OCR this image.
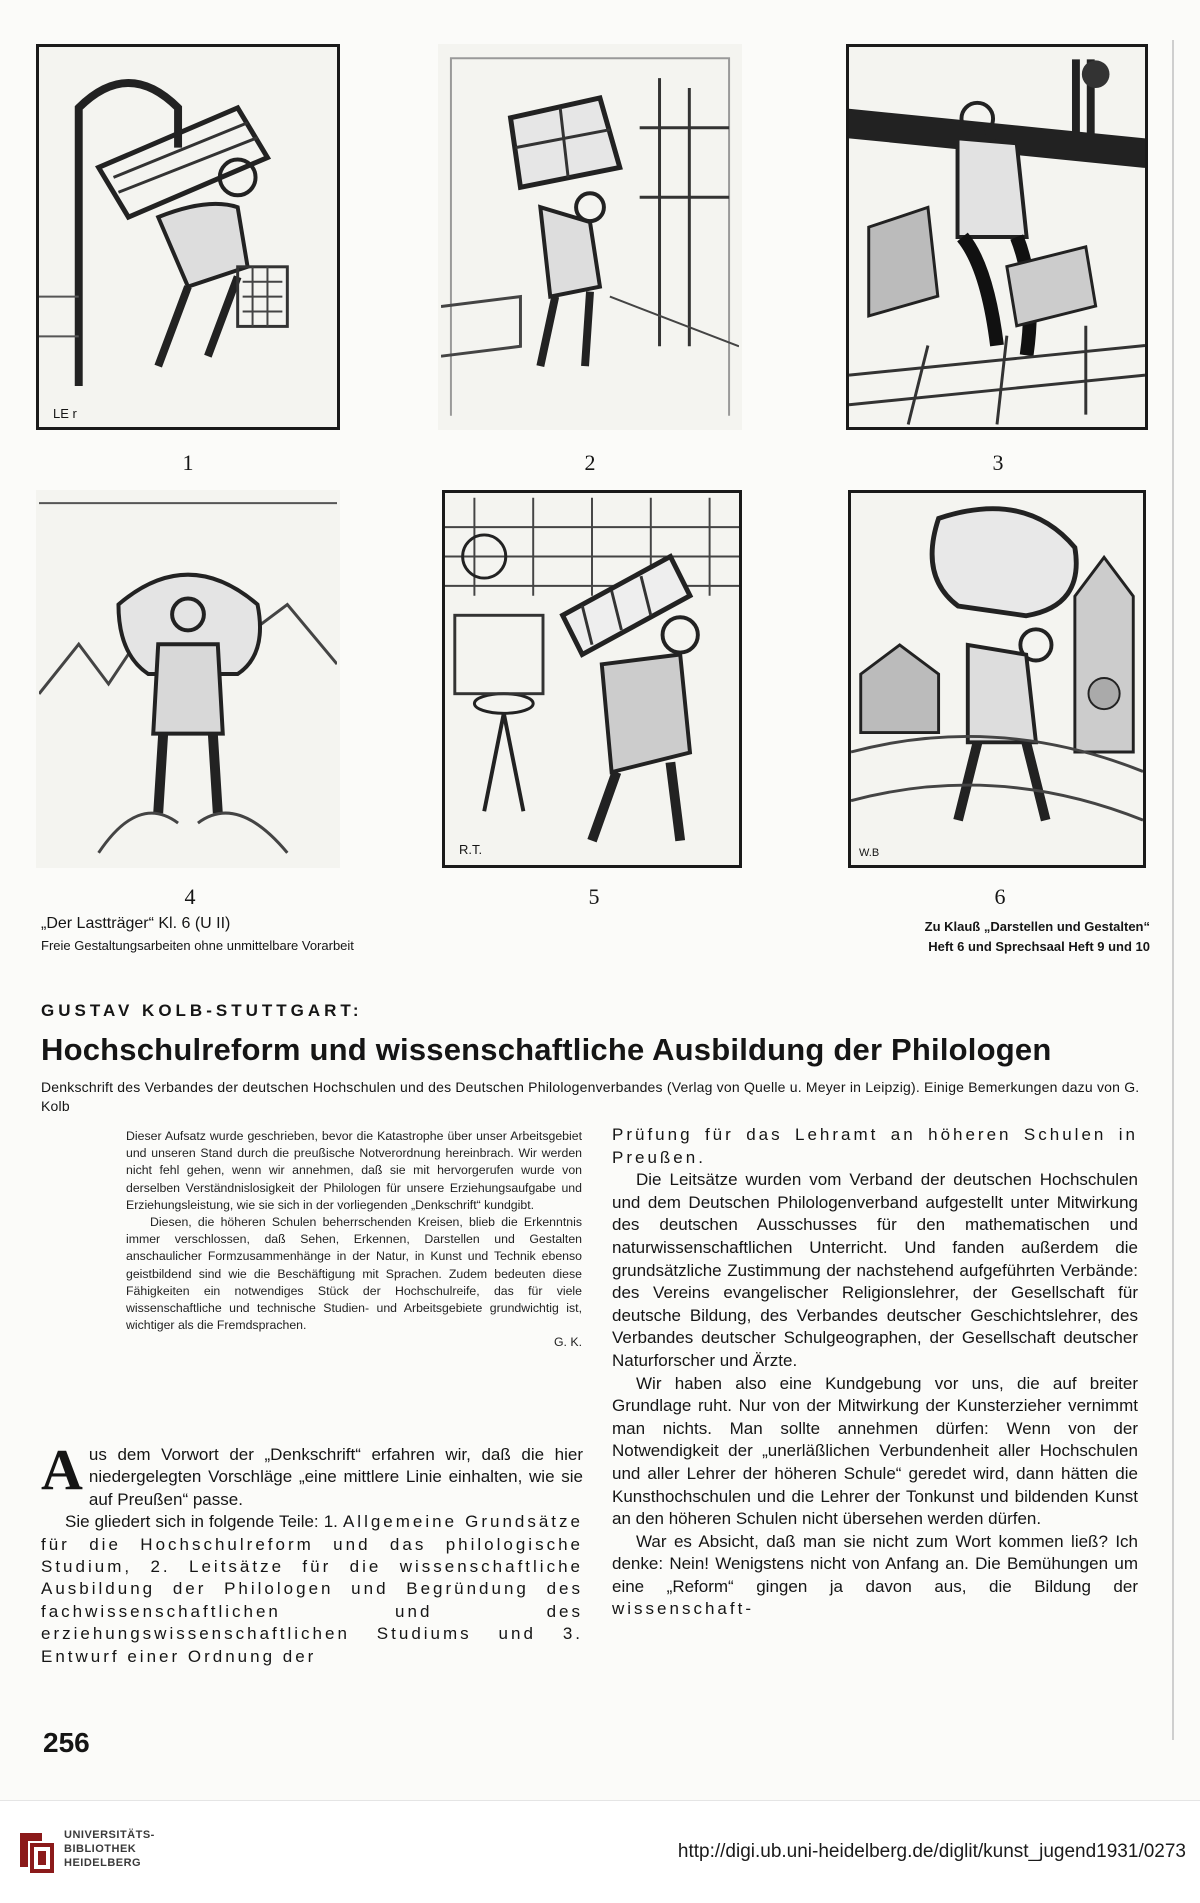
LE r
1	2	3
R.T.	W.B
4	5	6
„Der Lastträger“ Kl. 6 (U II)
Freie Gestaltungsarbeiten ohne unmittelbare Vorarbeit
Zu Klauß „Darstellen und Gestalten“
Heft 6 und Sprechsaal Heft 9 und 10
GUSTAV KOLB-STUTTGART:
Hochschulreform und wissenschaftliche Ausbildung der Philologen
Denkschrift des Verbandes der deutschen Hochschulen und des Deutschen Philologenverbandes (Verlag von Quelle u. Meyer in Leipzig). Einige Bemerkungen dazu von G. Kolb

Dieser Aufsatz wurde geschrieben, bevor die Katastrophe über unser Arbeitsgebiet und unseren Stand durch die preußische Notverordnung hereinbrach. Wir werden nicht fehl gehen, wenn wir annehmen, daß sie mit hervorgerufen wurde von derselben Verständnislosigkeit der Philologen für unsere Erziehungsaufgabe und Erziehungsleistung, wie sie sich in der vorliegenden „Denkschrift“ kundgibt.

Diesen, die höheren Schulen beherrschenden Kreisen, blieb die Erkenntnis immer verschlossen, daß Sehen, Erkennen, Darstellen und Gestalten anschaulicher Formzusammenhänge in der Natur, in Kunst und Technik ebenso geistbildend sind wie die Beschäftigung mit Sprachen. Zudem bedeuten diese Fähigkeiten ein notwendiges Stück der Hochschulreife, das für viele wissenschaftliche und technische Studien- und Arbeitsgebiete grundwichtig ist, wichtiger als die Fremdsprachen.

G. K.

Aus dem Vorwort der „Denkschrift“ erfahren wir, daß die hier niedergelegten Vorschläge „eine mittlere Linie einhalten, wie sie auf Preußen“ passe.

Sie gliedert sich in folgende Teile: 1. Allgemeine Grundsätze für die Hochschulreform und das philologische Studium, 2. Leitsätze für die wissenschaftliche Ausbildung der Philologen und Begründung des fachwissenschaftlichen und des erziehungswissenschaftlichen Studiums und 3. Entwurf einer Ordnung der

Prüfung für das Lehramt an höheren Schulen in Preußen.

Die Leitsätze wurden vom Verband der deutschen Hochschulen und dem Deutschen Philologenverband aufgestellt unter Mitwirkung des deutschen Ausschusses für den mathematischen und naturwissenschaftlichen Unterricht. Und fanden außerdem die grundsätzliche Zustimmung der nachstehend aufgeführten Verbände: des Vereins evangelischer Religionslehrer, der Gesellschaft für deutsche Bildung, des Verbandes deutscher Geschichtslehrer, des Verbandes deutscher Schulgeographen, der Gesellschaft deutscher Naturforscher und Ärzte.

Wir haben also eine Kundgebung vor uns, die auf breiter Grundlage ruht. Nur von der Mitwirkung der Kunsterzieher vernimmt man nichts. Man sollte annehmen dürfen: Wenn von der Notwendigkeit der „unerläßlichen Verbundenheit aller Hochschulen und aller Lehrer der höheren Schule“ geredet wird, dann hätten die Kunsthochschulen und die Lehrer der Tonkunst und bildenden Kunst an den höheren Schulen nicht übersehen werden dürfen.

War es Absicht, daß man sie nicht zum Wort kommen ließ? Ich denke: Nein! Wenigstens nicht von Anfang an. Die Bemühungen um eine „Reform“ gingen ja davon aus, die Bildung der wissenschaft-

256
UNIVERSITÄTS-
BIBLIOTHEK
HEIDELBERG
http://digi.ub.uni-heidelberg.de/diglit/kunst_jugend1931/0273
